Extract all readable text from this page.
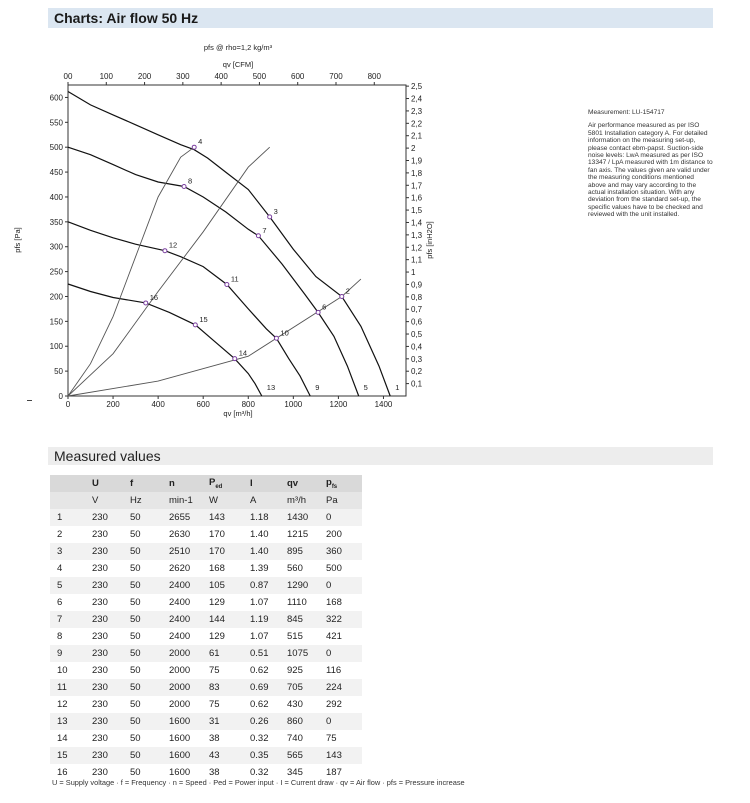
Charts: Air flow 50 Hz
pfs @ rho=1,2 kg/m³
qv [CFM]
qv [m³/h]
pfs [Pa]	pfs [inH2O]
0	200	400	600	800	1000	1200	1400
0
50
100
150
200
250
300
350
400
450
500
550
600
00	100	200	300	400	500	600	700	800
0,1
0,2
0,3
0,4
0,5
0,6
0,7
0,8
0,9
1
1,1
1,2
1,3
1,4
1,5
1,6
1,7
1,8
1,9
2
2,1
2,2
2,3
2,4
2,5
1
2
3
4
5
6
7
8
9
10
11
12
13
14
15
16

Measurement: LU-154717

Air performance measured as per ISO 5801 Installation category A. For detailed information on the measuring set-up, please contact ebm-papst. Suction-side noise levels: LwA measured as per ISO 13347 / LpA measured with 1m distance to fan axis. The values given are valid under the measuring conditions mentioned above and may vary according to the actual installation situation. With any deviation from the standard set-up, the specific values have to be checked and reviewed with the unit installed.

Measured values
	U	f	n	$P_{ed}$	I	qv	$p_{fs}$
	V	Hz	min-1	W	A	m³/h	Pa
1	230	50	2655	143	1.18	1430	0
2	230	50	2630	170	1.40	1215	200
3	230	50	2510	170	1.40	895	360
4	230	50	2620	168	1.39	560	500
5	230	50	2400	105	0.87	1290	0
6	230	50	2400	129	1.07	1110	168
7	230	50	2400	144	1.19	845	322
8	230	50	2400	129	1.07	515	421
9	230	50	2000	61	0.51	1075	0
10	230	50	2000	75	0.62	925	116
11	230	50	2000	83	0.69	705	224
12	230	50	2000	75	0.62	430	292
13	230	50	1600	31	0.26	860	0
14	230	50	1600	38	0.32	740	75
15	230	50	1600	43	0.35	565	143
16	230	50	1600	38	0.32	345	187
U = Supply voltage · f = Frequency · n = Speed · Ped = Power input · I = Current draw · qv = Air flow · pfs = Pressure increase
